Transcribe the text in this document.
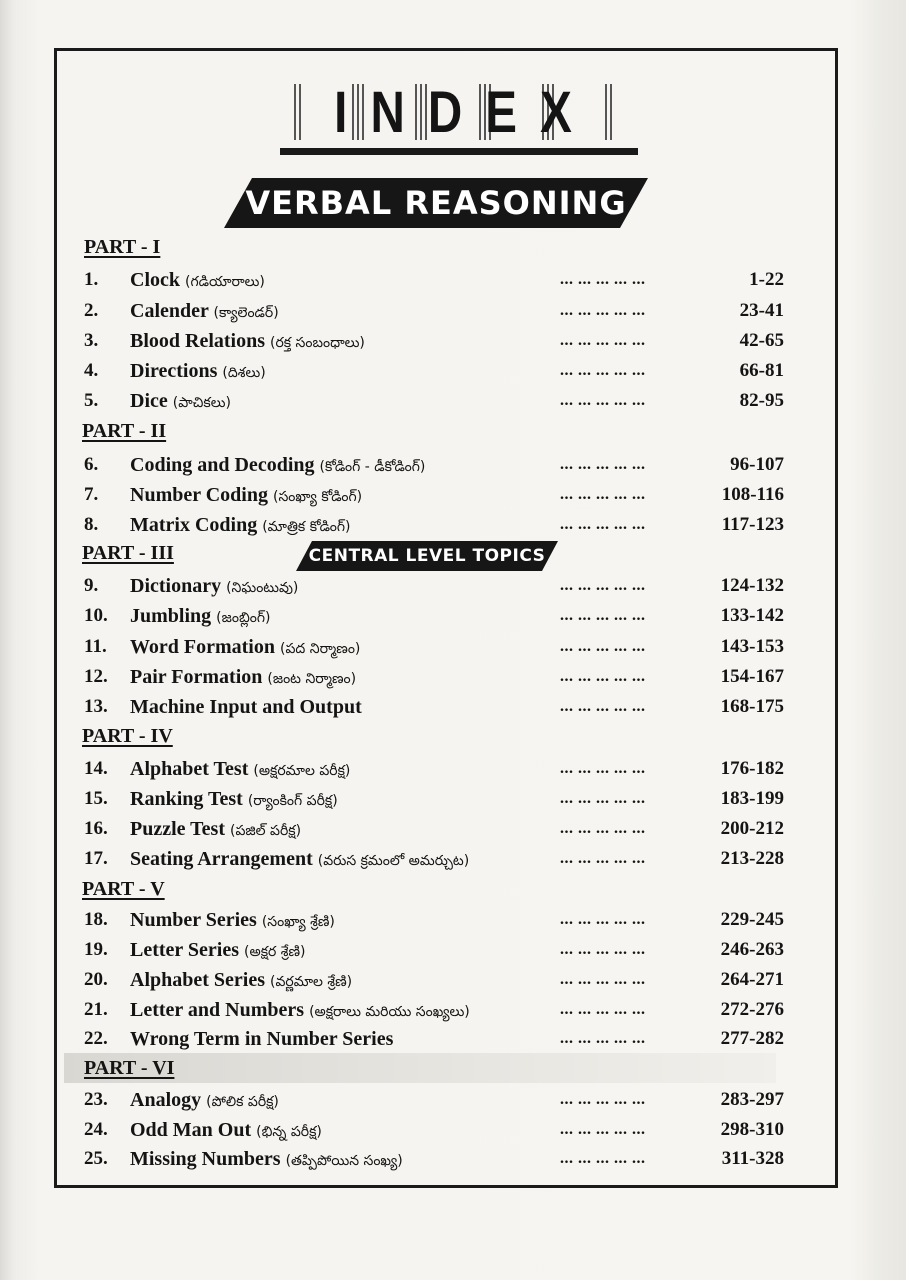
I N D E X
VERBAL REASONING
CENTRAL LEVEL TOPICS
PART - I
PART - II
PART - III
PART - IV
PART - V
PART - VI
1. Clock (గడియారాలు)	... ... ... ... ...	1-22
2. Calender (క్యాలెండర్)	... ... ... ... ...	23-41
3. Blood Relations (రక్త సంబంధాలు)	... ... ... ... ...	42-65
4. Directions (దిశలు)	... ... ... ... ...	66-81
5. Dice (పాచికలు)	... ... ... ... ...	82-95
6. Coding and Decoding (కోడింగ్ - డీకోడింగ్)	... ... ... ... ...	96-107
7. Number Coding (సంఖ్యా కోడింగ్)	... ... ... ... ...	108-116
8. Matrix Coding (మాత్రిక కోడింగ్)	... ... ... ... ...	117-123
9. Dictionary (నిఘంటువు)	... ... ... ... ...	124-132
10. Jumbling (జంబ్లింగ్)	... ... ... ... ...	133-142
11. Word Formation (పద నిర్మాణం)	... ... ... ... ...	143-153
12. Pair Formation (జంట నిర్మాణం)	... ... ... ... ...	154-167
13. Machine Input and Output	... ... ... ... ...	168-175
14. Alphabet Test (అక్షరమాల పరీక్ష)	... ... ... ... ...	176-182
15. Ranking Test (ర్యాంకింగ్ పరీక్ష)	... ... ... ... ...	183-199
16. Puzzle Test (పజిల్ పరీక్ష)	... ... ... ... ...	200-212
17. Seating Arrangement (వరుస క్రమంలో అమర్చుట)	... ... ... ... ...	213-228
18. Number Series (సంఖ్యా శ్రేణి)	... ... ... ... ...	229-245
19. Letter Series (అక్షర శ్రేణి)	... ... ... ... ...	246-263
20. Alphabet Series (వర్ణమాల శ్రేణి)	... ... ... ... ...	264-271
21. Letter and Numbers (అక్షరాలు మరియు సంఖ్యలు)	... ... ... ... ...	272-276
22. Wrong Term in Number Series	... ... ... ... ...	277-282
23. Analogy (పోలిక పరీక్ష)	... ... ... ... ...	283-297
24. Odd Man Out (భిన్న పరీక్ష)	... ... ... ... ...	298-310
25. Missing Numbers (తప్పిపోయిన సంఖ్య)	... ... ... ... ...	311-328
